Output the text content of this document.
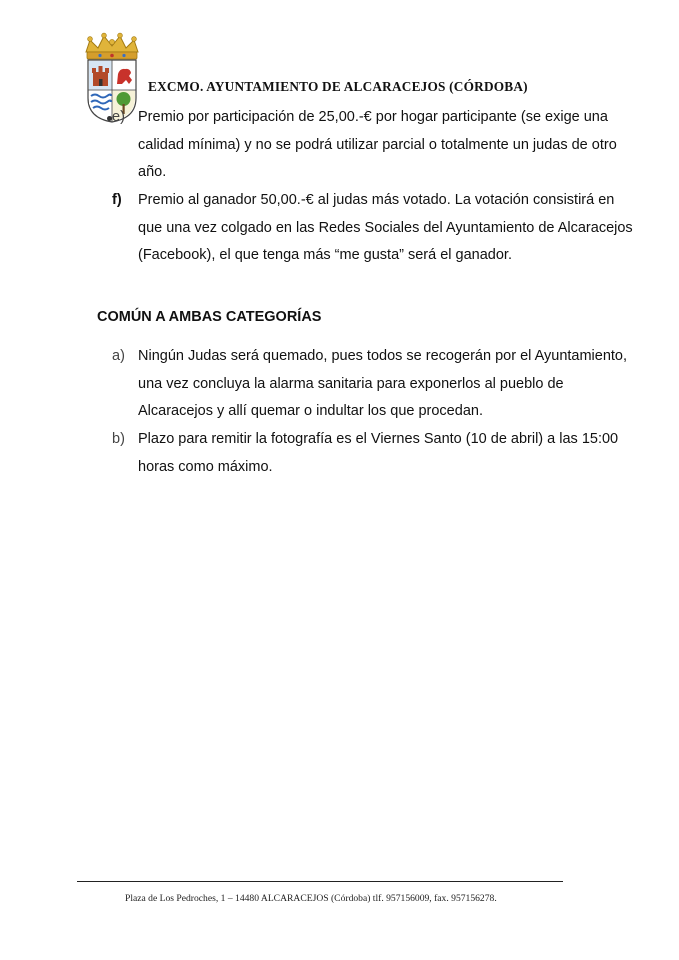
EXCMO. AYUNTAMIENTO DE ALCARACEJOS (CÓRDOBA)
e) Premio por participación de 25,00.-€ por hogar participante (se exige una
calidad mínima) y no se podrá utilizar parcial o totalmente un judas de otro
año.
f) Premio al ganador 50,00.-€ al judas más votado. La votación consistirá en
que una vez colgado en las Redes Sociales del Ayuntamiento de Alcaracejos
(Facebook), el que tenga más “me gusta” será el ganador.
COMÚN A AMBAS CATEGORÍAS
a) Ningún Judas será quemado, pues todos se recogerán por el Ayuntamiento,
una vez concluya la alarma sanitaria para exponerlos al pueblo de
Alcaracejos y allí quemar o indultar los que procedan.
b) Plazo para remitir la fotografía es el Viernes Santo (10 de abril) a las 15:00
horas como máximo.
Plaza de Los Pedroches, 1 – 14480 ALCARACEJOS (Córdoba) tlf. 957156009, fax. 957156278.
